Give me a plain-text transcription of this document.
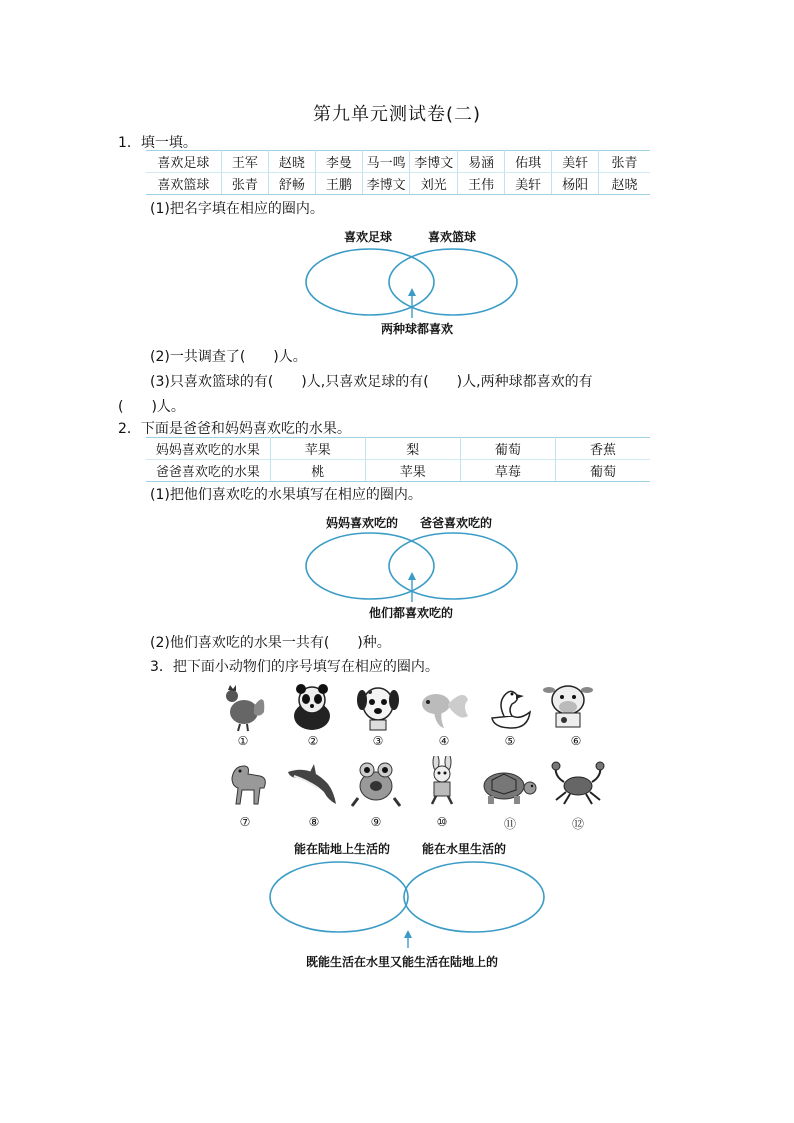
第九单元测试卷(二)
1．填一填。
喜欢足球	王军	赵晓	李曼	马一鸣	李博文	易涵	佑琪	美轩	张青
喜欢篮球	张青	舒畅	王鹏	李博文	刘光	王伟	美轩	杨阳	赵晓
(1)把名字填在相应的圈内。
喜欢足球	喜欢篮球
两种球都喜欢
(2)一共调查了(　　)人。
(3)只喜欢篮球的有(　　)人,只喜欢足球的有(　　)人,两种球都喜欢的有
(　　)人。
2．下面是爸爸和妈妈喜欢吃的水果。
妈妈喜欢吃的水果	苹果	梨	葡萄	香蕉
爸爸喜欢吃的水果	桃	苹果	草莓	葡萄
(1)把他们喜欢吃的水果填写在相应的圈内。
妈妈喜欢吃的 爸爸喜欢吃的
他们都喜欢吃的
(2)他们喜欢吃的水果一共有(　　)种。
3．把下面小动物们的序号填写在相应的圈内。
①	②	③	④	⑤	⑥
⑦	⑧	⑨	⑩	⑪	⑫
能在陆地上生活的	能在水里生活的
既能生活在水里又能生活在陆地上的
